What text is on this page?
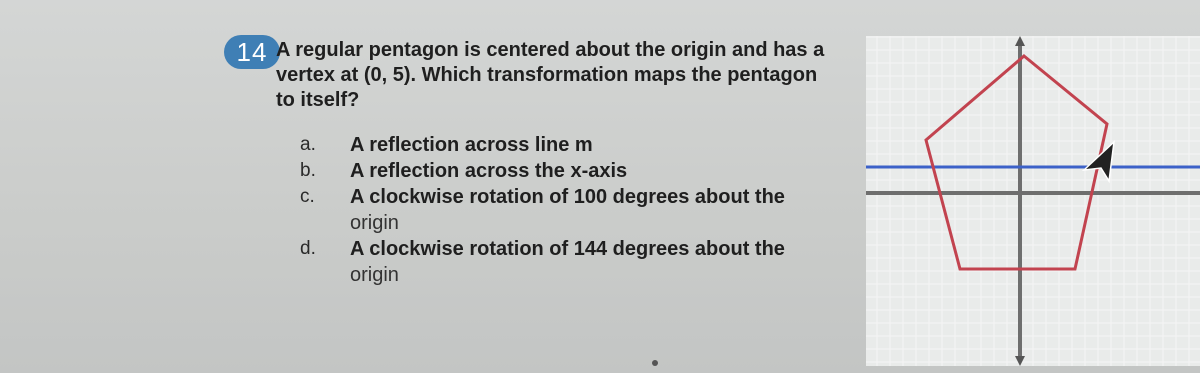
14 A regular pentagon is centered about the origin and has a
vertex at (0, 5). Which transformation maps the pentagon
to itself?
a.	A reflection across line m
b.	A reflection across the x-axis
c.	A clockwise rotation of 100 degrees about the
origin
d.	A clockwise rotation of 144 degrees about the
origin
